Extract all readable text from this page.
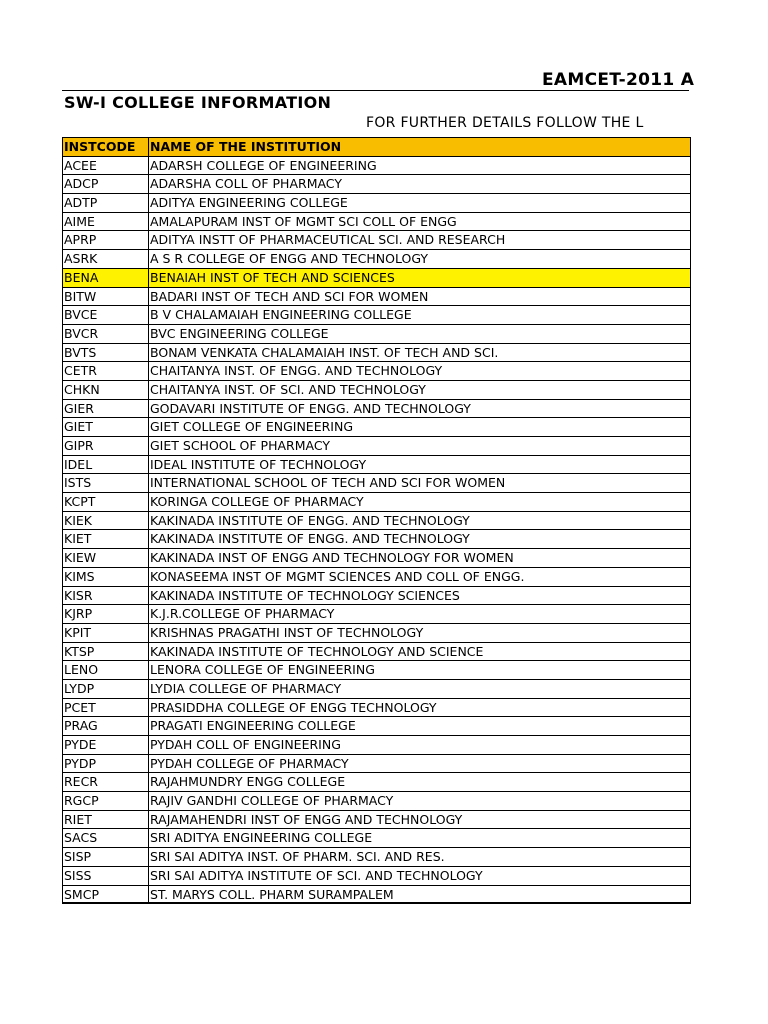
EAMCET-2011 A
SW-I COLLEGE INFORMATION
FOR FURTHER DETAILS FOLLOW THE L
INSTCODE	NAME OF THE INSTITUTION
ACEE	ADARSH COLLEGE OF ENGINEERING
ADCP	ADARSHA COLL OF PHARMACY
ADTP	ADITYA ENGINEERING COLLEGE
AIME	AMALAPURAM INST OF MGMT SCI COLL OF ENGG
APRP	ADITYA INSTT OF PHARMACEUTICAL SCI. AND RESEARCH
ASRK	A S R COLLEGE OF ENGG AND TECHNOLOGY
BENA	BENAIAH INST OF TECH AND SCIENCES
BITW	BADARI INST OF TECH AND SCI FOR WOMEN
BVCE	B V CHALAMAIAH ENGINEERING COLLEGE
BVCR	BVC ENGINEERING COLLEGE
BVTS	BONAM VENKATA CHALAMAIAH INST. OF TECH AND SCI.
CETR	CHAITANYA INST. OF ENGG. AND TECHNOLOGY
CHKN	CHAITANYA INST. OF SCI. AND TECHNOLOGY
GIER	GODAVARI INSTITUTE OF ENGG. AND TECHNOLOGY
GIET	GIET COLLEGE OF ENGINEERING
GIPR	GIET SCHOOL OF PHARMACY
IDEL	IDEAL INSTITUTE OF TECHNOLOGY
ISTS	INTERNATIONAL SCHOOL OF TECH AND SCI FOR WOMEN
KCPT	KORINGA COLLEGE OF PHARMACY
KIEK	KAKINADA INSTITUTE OF ENGG. AND TECHNOLOGY
KIET	KAKINADA INSTITUTE OF ENGG. AND TECHNOLOGY
KIEW	KAKINADA INST OF ENGG AND TECHNOLOGY FOR WOMEN
KIMS	KONASEEMA INST OF MGMT SCIENCES AND COLL OF ENGG.
KISR	KAKINADA INSTITUTE OF TECHNOLOGY SCIENCES
KJRP	K.J.R.COLLEGE OF PHARMACY
KPIT	KRISHNAS PRAGATHI INST OF TECHNOLOGY
KTSP	KAKINADA INSTITUTE OF TECHNOLOGY AND SCIENCE
LENO	LENORA COLLEGE OF ENGINEERING
LYDP	LYDIA COLLEGE OF PHARMACY
PCET	PRASIDDHA COLLEGE OF ENGG TECHNOLOGY
PRAG	PRAGATI ENGINEERING COLLEGE
PYDE	PYDAH COLL OF ENGINEERING
PYDP	PYDAH COLLEGE OF PHARMACY
RECR	RAJAHMUNDRY ENGG COLLEGE
RGCP	RAJIV GANDHI COLLEGE OF PHARMACY
RIET	RAJAMAHENDRI INST OF ENGG AND TECHNOLOGY
SACS	SRI ADITYA ENGINEERING COLLEGE
SISP	SRI SAI ADITYA INST. OF PHARM. SCI. AND RES.
SISS	SRI SAI ADITYA INSTITUTE OF SCI. AND TECHNOLOGY
SMCP	ST. MARYS COLL. PHARM SURAMPALEM
